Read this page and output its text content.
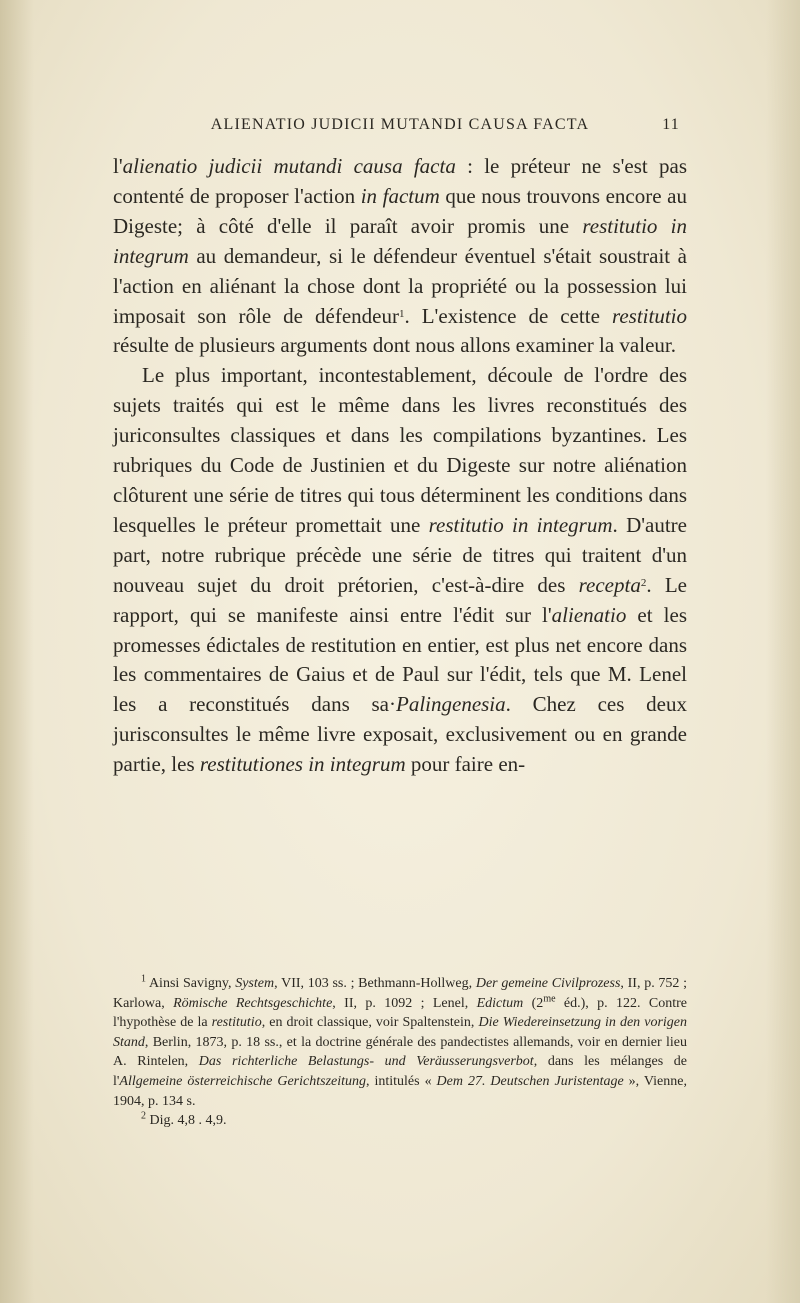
ALIENATIO JUDICII MUTANDI CAUSA FACTA	11

l'alienatio judicii mutandi causa facta : le préteur ne s'est pas contenté de proposer l'action in factum que nous trouvons encore au Digeste; à côté d'elle il paraît avoir promis une restitutio in integrum au demandeur, si le défendeur éventuel s'était soustrait à l'action en aliénant la chose dont la propriété ou la possession lui imposait son rôle de défendeur$^1$. L'existence de cette restitutio résulte de plusieurs arguments dont nous allons examiner la valeur.

Le plus important, incontestablement, découle de l'ordre des sujets traités qui est le même dans les livres reconstitués des juriconsultes classiques et dans les compilations byzantines. Les rubriques du Code de Justinien et du Digeste sur notre aliénation clôturent une série de titres qui tous déterminent les conditions dans lesquelles le préteur promettait une restitutio in integrum. D'autre part, notre rubrique précède une série de titres qui traitent d'un nouveau sujet du droit prétorien, c'est-à-dire des recepta$^2$. Le rapport, qui se manifeste ainsi entre l'édit sur l'alienatio et les promesses édictales de restitution en entier, est plus net encore dans les commentaires de Gaius et de Paul sur l'édit, tels que M. Lenel les a reconstitués dans sa·Palingenesia. Chez ces deux jurisconsultes le même livre exposait, exclusivement ou en grande partie, les restitutiones in integrum pour faire en-

$^1$ Ainsi Savigny, System, VII, 103 ss. ; Bethmann-Hollweg, Der gemeine Civilprozess, II, p. 752 ; Karlowa, Römische Rechtsgeschichte, II, p. 1092 ; Lenel, Edictum ($2^{me}$ éd.), p. 122. Contre l'hypothèse de la restitutio, en droit classique, voir Spaltenstein, Die Wiedereinsetzung in den vorigen Stand, Berlin, 1873, p. 18 ss., et la doctrine générale des pandectistes allemands, voir en dernier lieu A. Rintelen, Das richterliche Belastungs- und Veräusserungsverbot, dans les mélanges de l'Allgemeine österreichische Gerichtszeitung, intitulés « Dem 27. Deutschen Juristentage », Vienne, 1904, p. 134 s.

$^2$ Dig. 4,8 . 4,9.
